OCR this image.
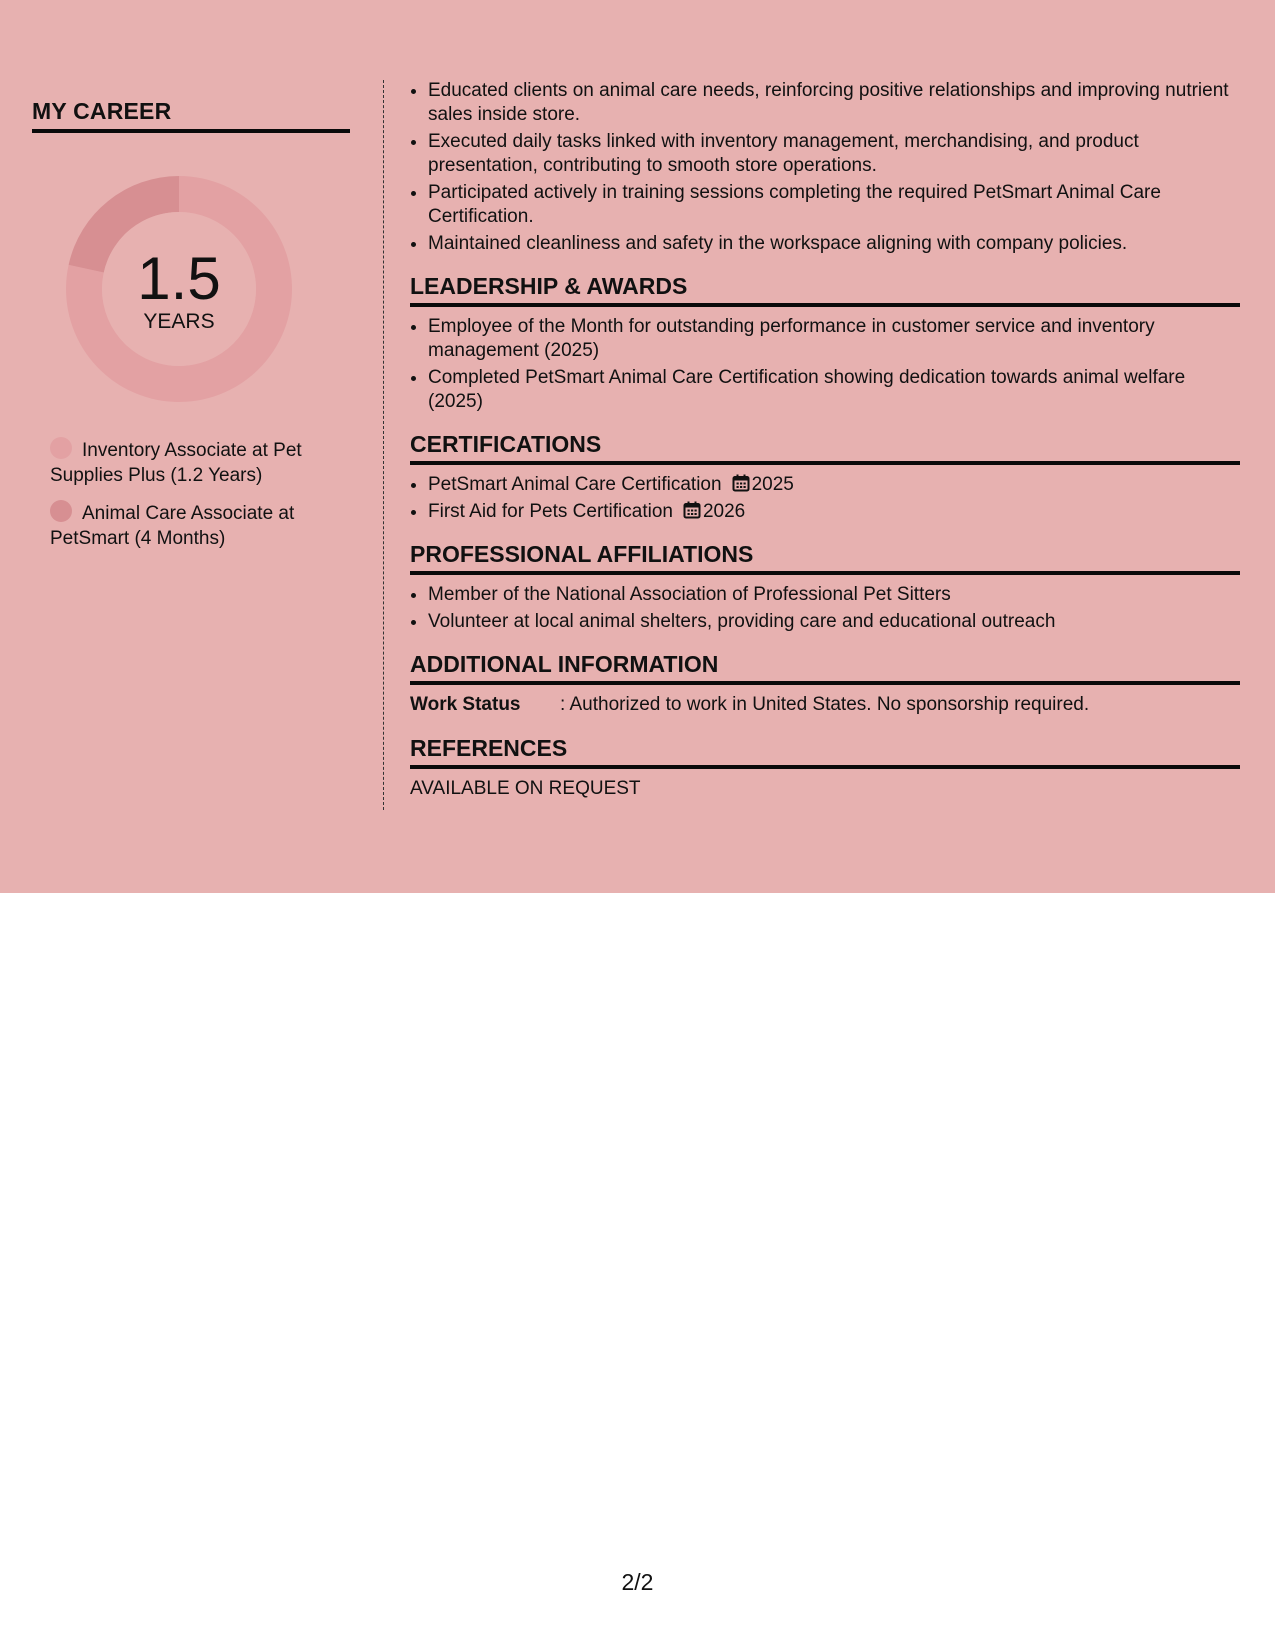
MY CAREER
1.5
YEARS
Inventory Associate at Pet Supplies Plus (1.2 Years)
Animal Care Associate at PetSmart (4 Months)
• Educated clients on animal care needs, reinforcing positive relationships and improving nutrient sales inside store.
• Executed daily tasks linked with inventory management, merchandising, and product presentation, contributing to smooth store operations.
• Participated actively in training sessions completing the required PetSmart Animal Care Certification.
• Maintained cleanliness and safety in the workspace aligning with company policies.
LEADERSHIP & AWARDS
• Employee of the Month for outstanding performance in customer service and inventory management (2025)
• Completed PetSmart Animal Care Certification showing dedication towards animal welfare (2025)
CERTIFICATIONS
• PetSmart Animal Care Certification 2025
• First Aid for Pets Certification 2026
PROFESSIONAL AFFILIATIONS
• Member of the National Association of Professional Pet Sitters
• Volunteer at local animal shelters, providing care and educational outreach
ADDITIONAL INFORMATION
Work Status : Authorized to work in United States. No sponsorship required.
REFERENCES
AVAILABLE ON REQUEST
2/2
